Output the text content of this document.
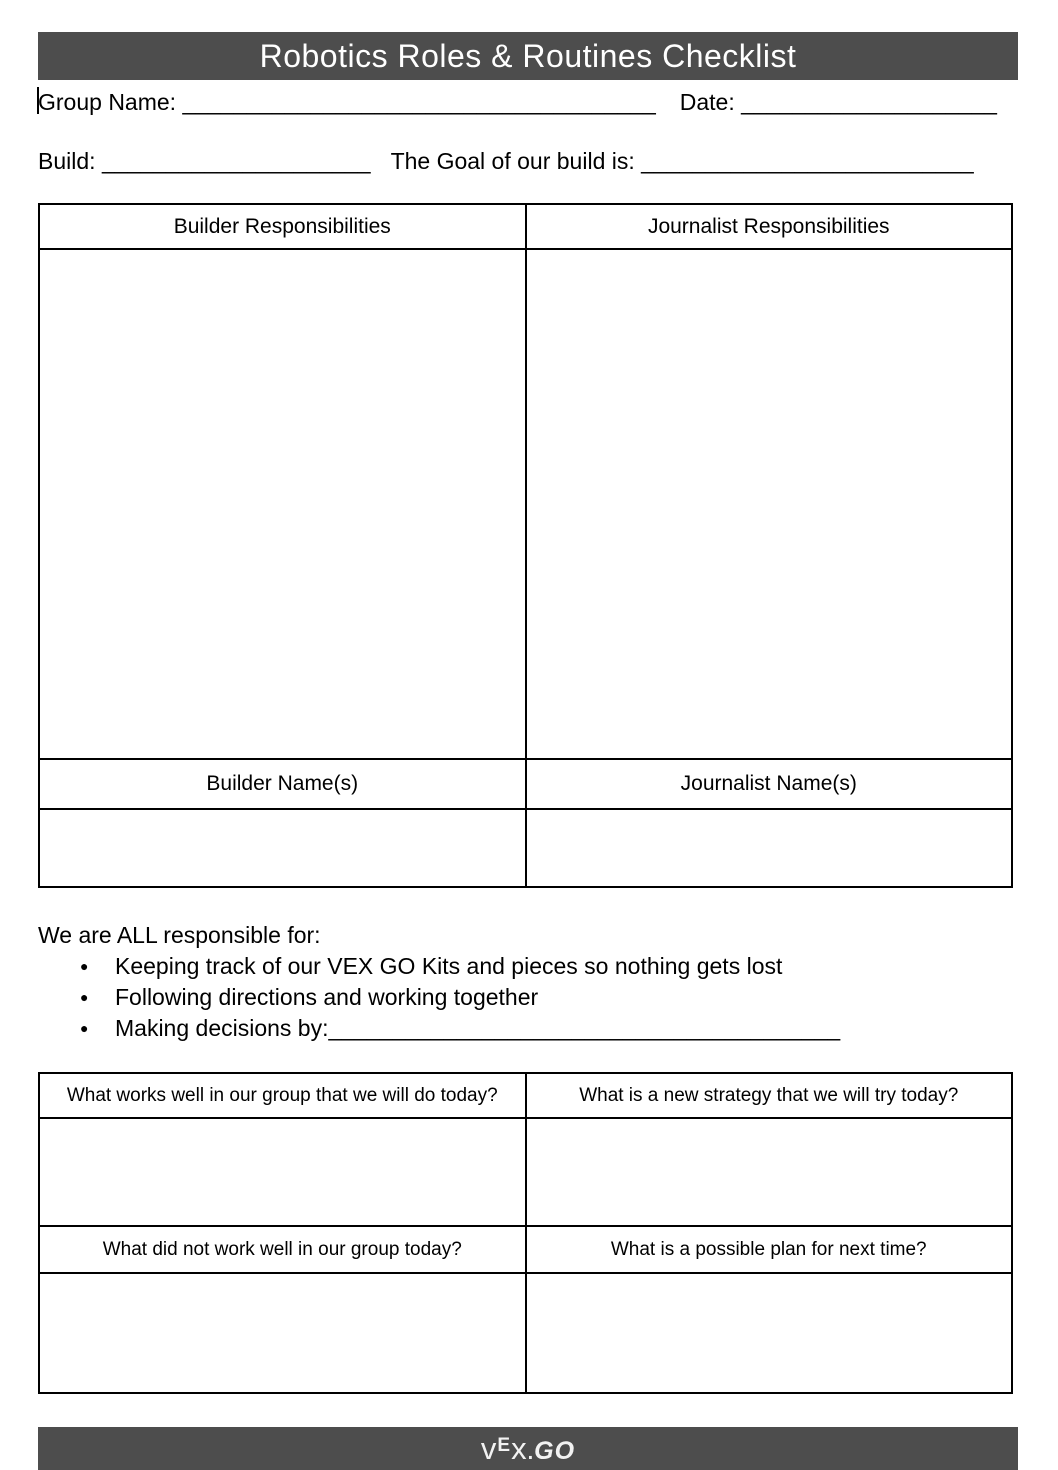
Robotics Roles & Routines Checklist
Group Name: _____________________________________ Date: ____________________
Build: _____________________ The Goal of our build is: __________________________
Builder Responsibilities	Journalist Responsibilities

Builder Name(s)	Journalist Name(s)

We are ALL responsible for:
●	Keeping track of our VEX GO Kits and pieces so nothing gets lost
●	Following directions and working together
●	Making decisions by: ________________________________________
What works well in our group that we will do today?	What is a new strategy that we will try today?

What did not work well in our group today?	What is a possible plan for next time?

v E x . GO
